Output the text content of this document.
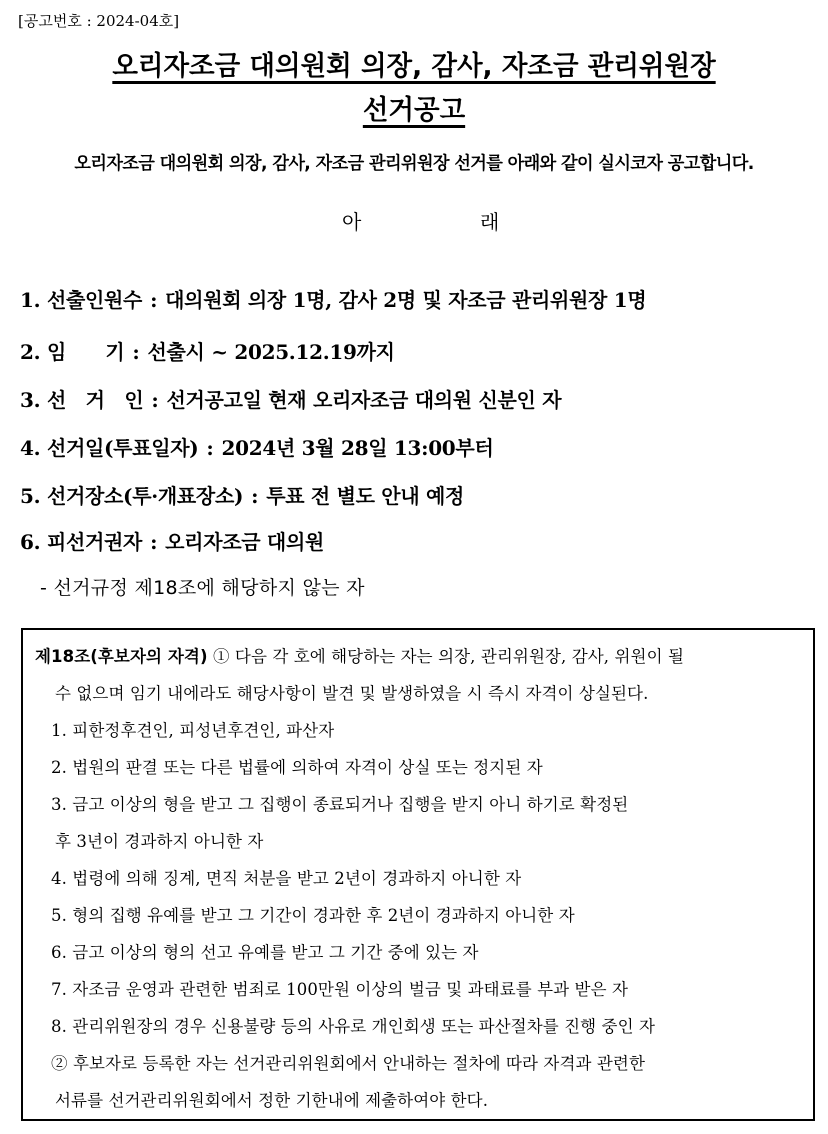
[공고번호 : 2024-04호]
오리자조금 대의원회 의장, 감사, 자조금 관리위원장
선거공고
오리자조금 대의원회 의장, 감사, 자조금 관리위원장 선거를 아래와 같이 실시코자 공고합니다.
아	래
1. 선출인원수 : 대의원회 의장 1명, 감사 2명 및 자조금 관리위원장 1명
2. 임　　기 : 선출시 ~ 2025.12.19까지
3. 선　거　인 : 선거공고일 현재 오리자조금 대의원 신분인 자
4. 선거일(투표일자) : 2024년 3월 28일 13:00부터
5. 선거장소(투·개표장소) : 투표 전 별도 안내 예정
6. 피선거권자 : 오리자조금 대의원
- 선거규정 제18조에 해당하지 않는 자
제18조(후보자의 자격) ① 다음 각 호에 해당하는 자는 의장, 관리위원장, 감사, 위원이 될
수 없으며 임기 내에라도 해당사항이 발견 및 발생하였을 시 즉시 자격이 상실된다.
1. 피한정후견인, 피성년후견인, 파산자
2. 법원의 판결 또는 다른 법률에 의하여 자격이 상실 또는 정지된 자
3. 금고 이상의 형을 받고 그 집행이 종료되거나 집행을 받지 아니 하기로 확정된
후 3년이 경과하지 아니한 자
4. 법령에 의해 징계, 면직 처분을 받고 2년이 경과하지 아니한 자
5. 형의 집행 유예를 받고 그 기간이 경과한 후 2년이 경과하지 아니한 자
6. 금고 이상의 형의 선고 유예를 받고 그 기간 중에 있는 자
7. 자조금 운영과 관련한 범죄로 100만원 이상의 벌금 및 과태료를 부과 받은 자
8. 관리위원장의 경우 신용불량 등의 사유로 개인회생 또는 파산절차를 진행 중인 자
② 후보자로 등록한 자는 선거관리위원회에서 안내하는 절차에 따라 자격과 관련한
서류를 선거관리위원회에서 정한 기한내에 제출하여야 한다.
